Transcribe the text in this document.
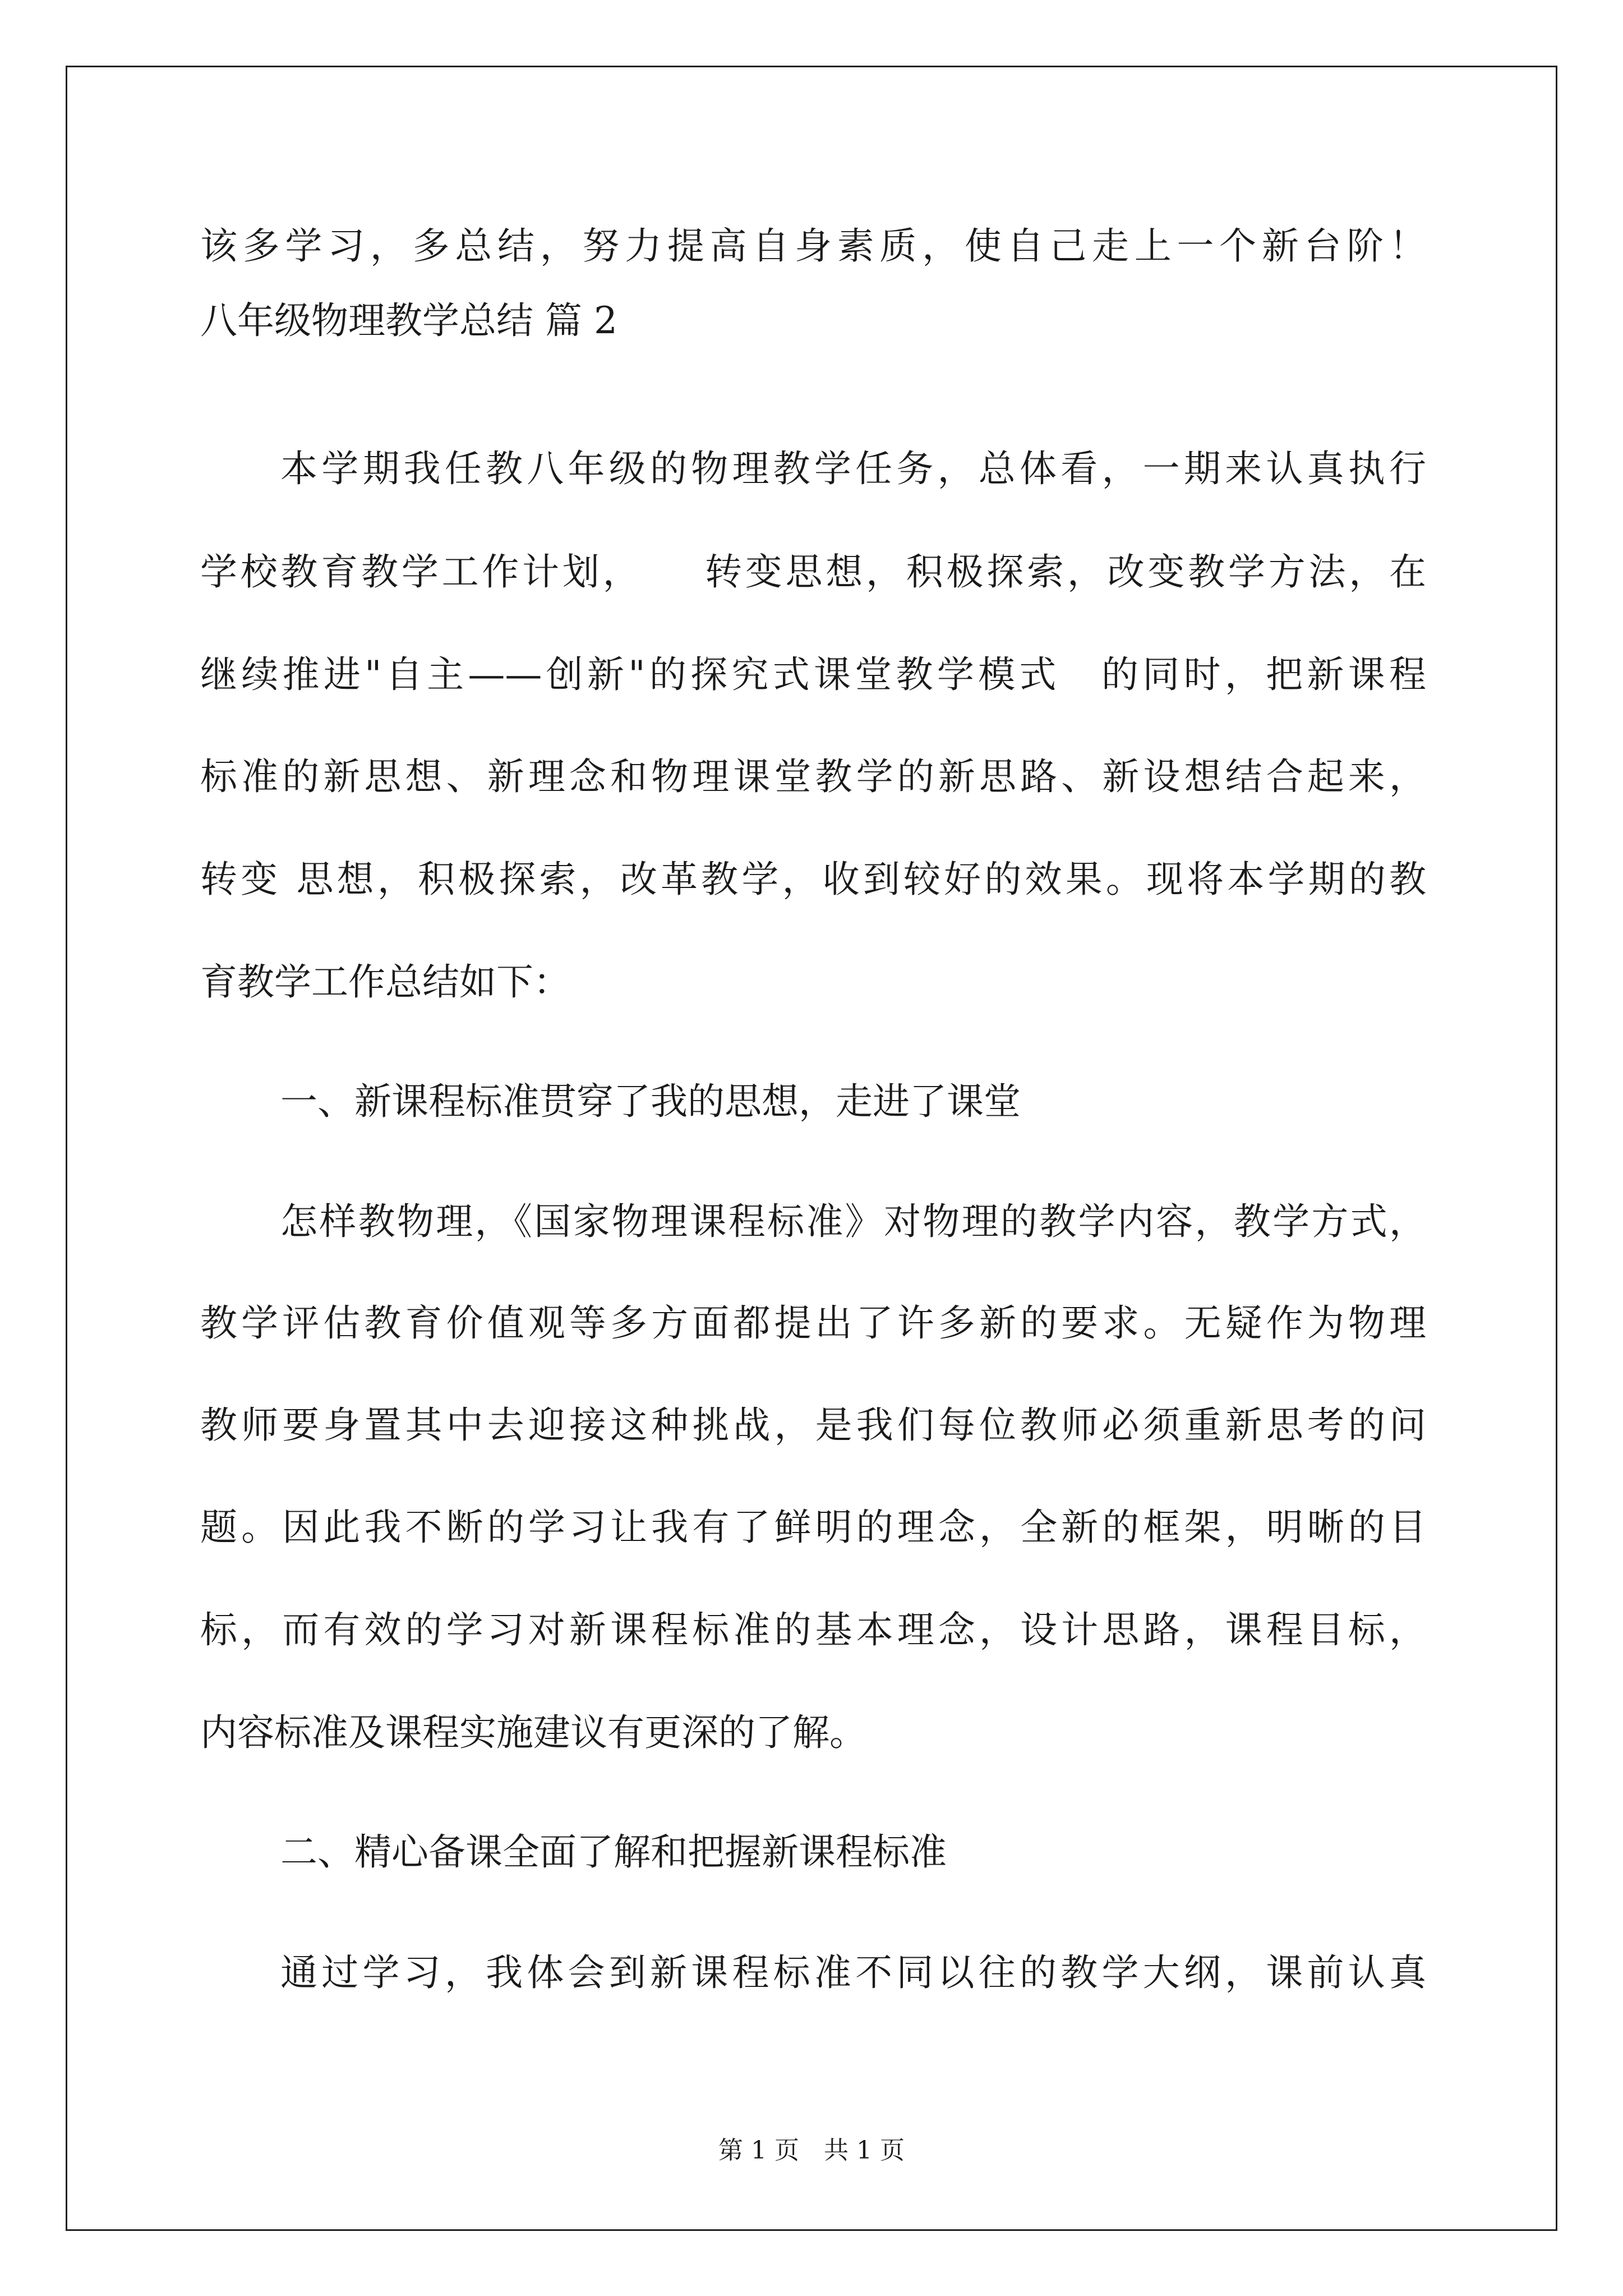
该多学习，多总结，努力提高自身素质，使自己走上一个新台阶！

八年级物理教学总结 篇 2

本学期我任教八年级的物理教学任务，总体看，一期来认真执行

学校教育教学工作计划，　　转变思想，积极探索，改变教学方法，在

继续推进"自主——创新"的探究式课堂教学模式　的同时，把新课程

标准的新思想、新理念和物理课堂教学的新思路、新设想结合起来，

转变 思想，积极探索，改革教学，收到较好的效果。现将本学期的教

育教学工作总结如下：

一、新课程标准贯穿了我的思想，走进了课堂

怎样教物理，《国家物理课程标准》对物理的教学内容，教学方式，

教学评估教育价值观等多方面都提出了许多新的要求。无疑作为物理

教师要身置其中去迎接这种挑战，是我们每位教师必须重新思考的问

题。因此我不断的学习让我有了鲜明的理念，全新的框架，明晰的目

标，而有效的学习对新课程标准的基本理念，设计思路，课程目标，

内容标准及课程实施建议有更深的了解。

二、精心备课全面了解和把握新课程标准

通过学习，我体会到新课程标准不同以往的教学大纲，课前认真

第 1 页　共 1 页
